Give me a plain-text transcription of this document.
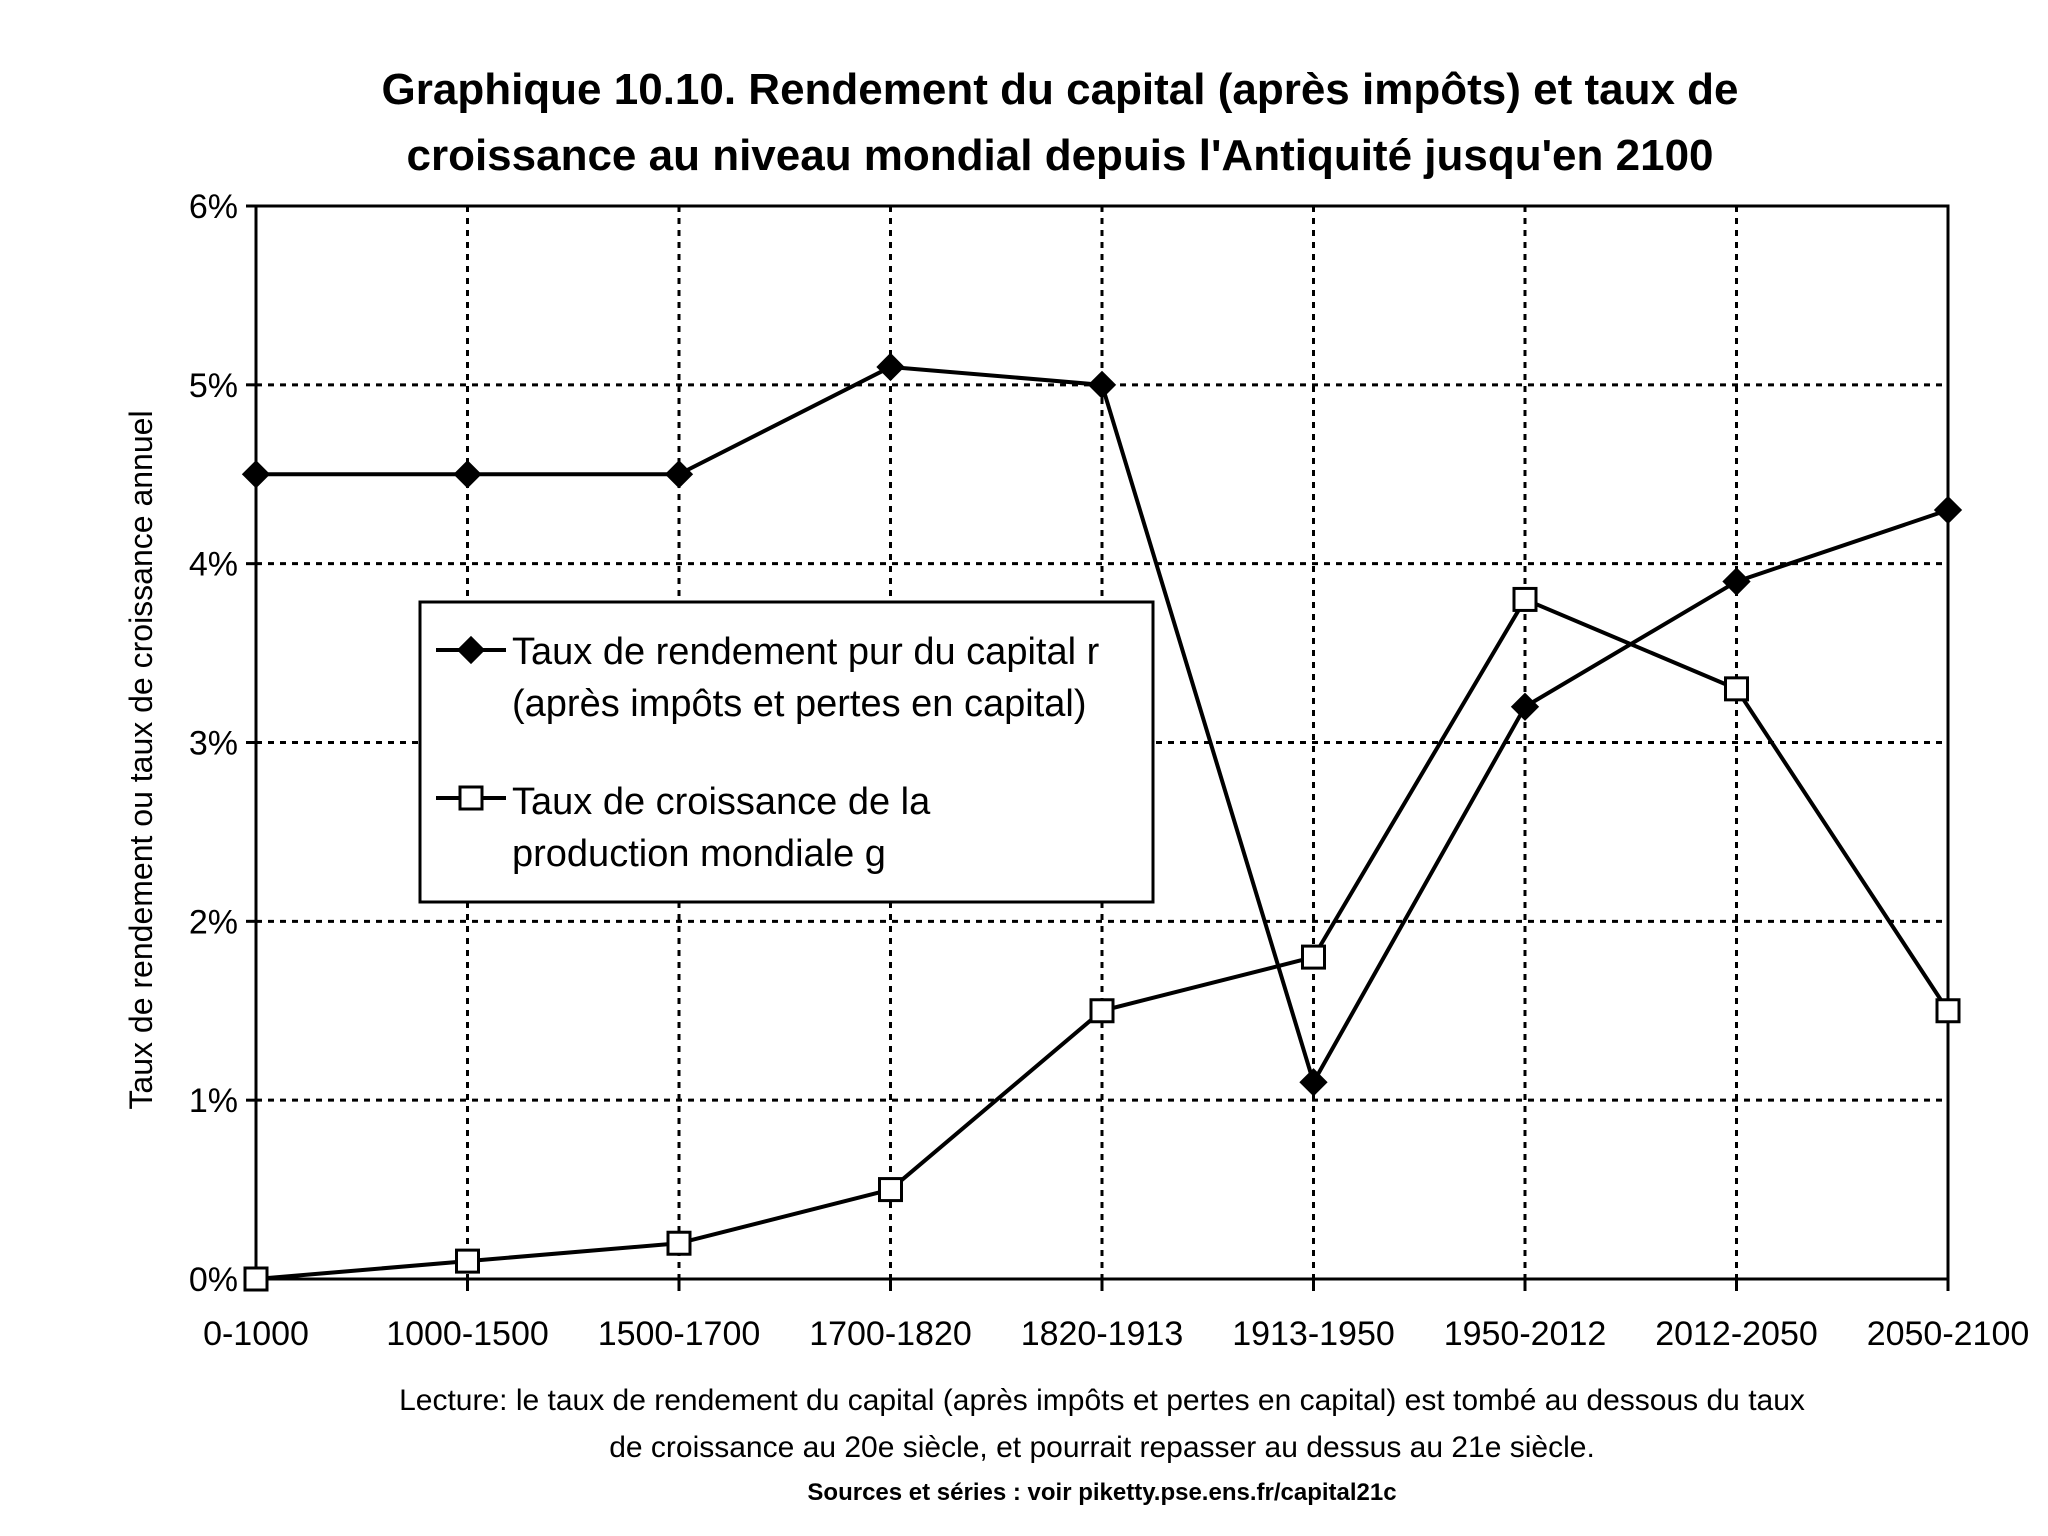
Graphique 10.10. Rendement du capital (après impôts) et taux de
croissance au niveau mondial depuis l'Antiquité jusqu'en 2100
0%
1%
2%
3%
4%
5%
6%
0-1000 1000-1500 1500-1700 1700-1820 1820-1913 1913-1950 1950-2012 2012-2050 2050-2100
Taux de rendement ou taux de croissance annuel	Taux de rendement pur du capital r
(après impôts et pertes en capital)
Taux de croissance de la
production mondiale g
Lecture: le taux de rendement du capital (après impôts et pertes en capital) est tombé au dessous du taux
de croissance au 20e siècle, et pourrait repasser au dessus au 21e siècle.
Sources et séries : voir piketty.pse.ens.fr/capital21c
